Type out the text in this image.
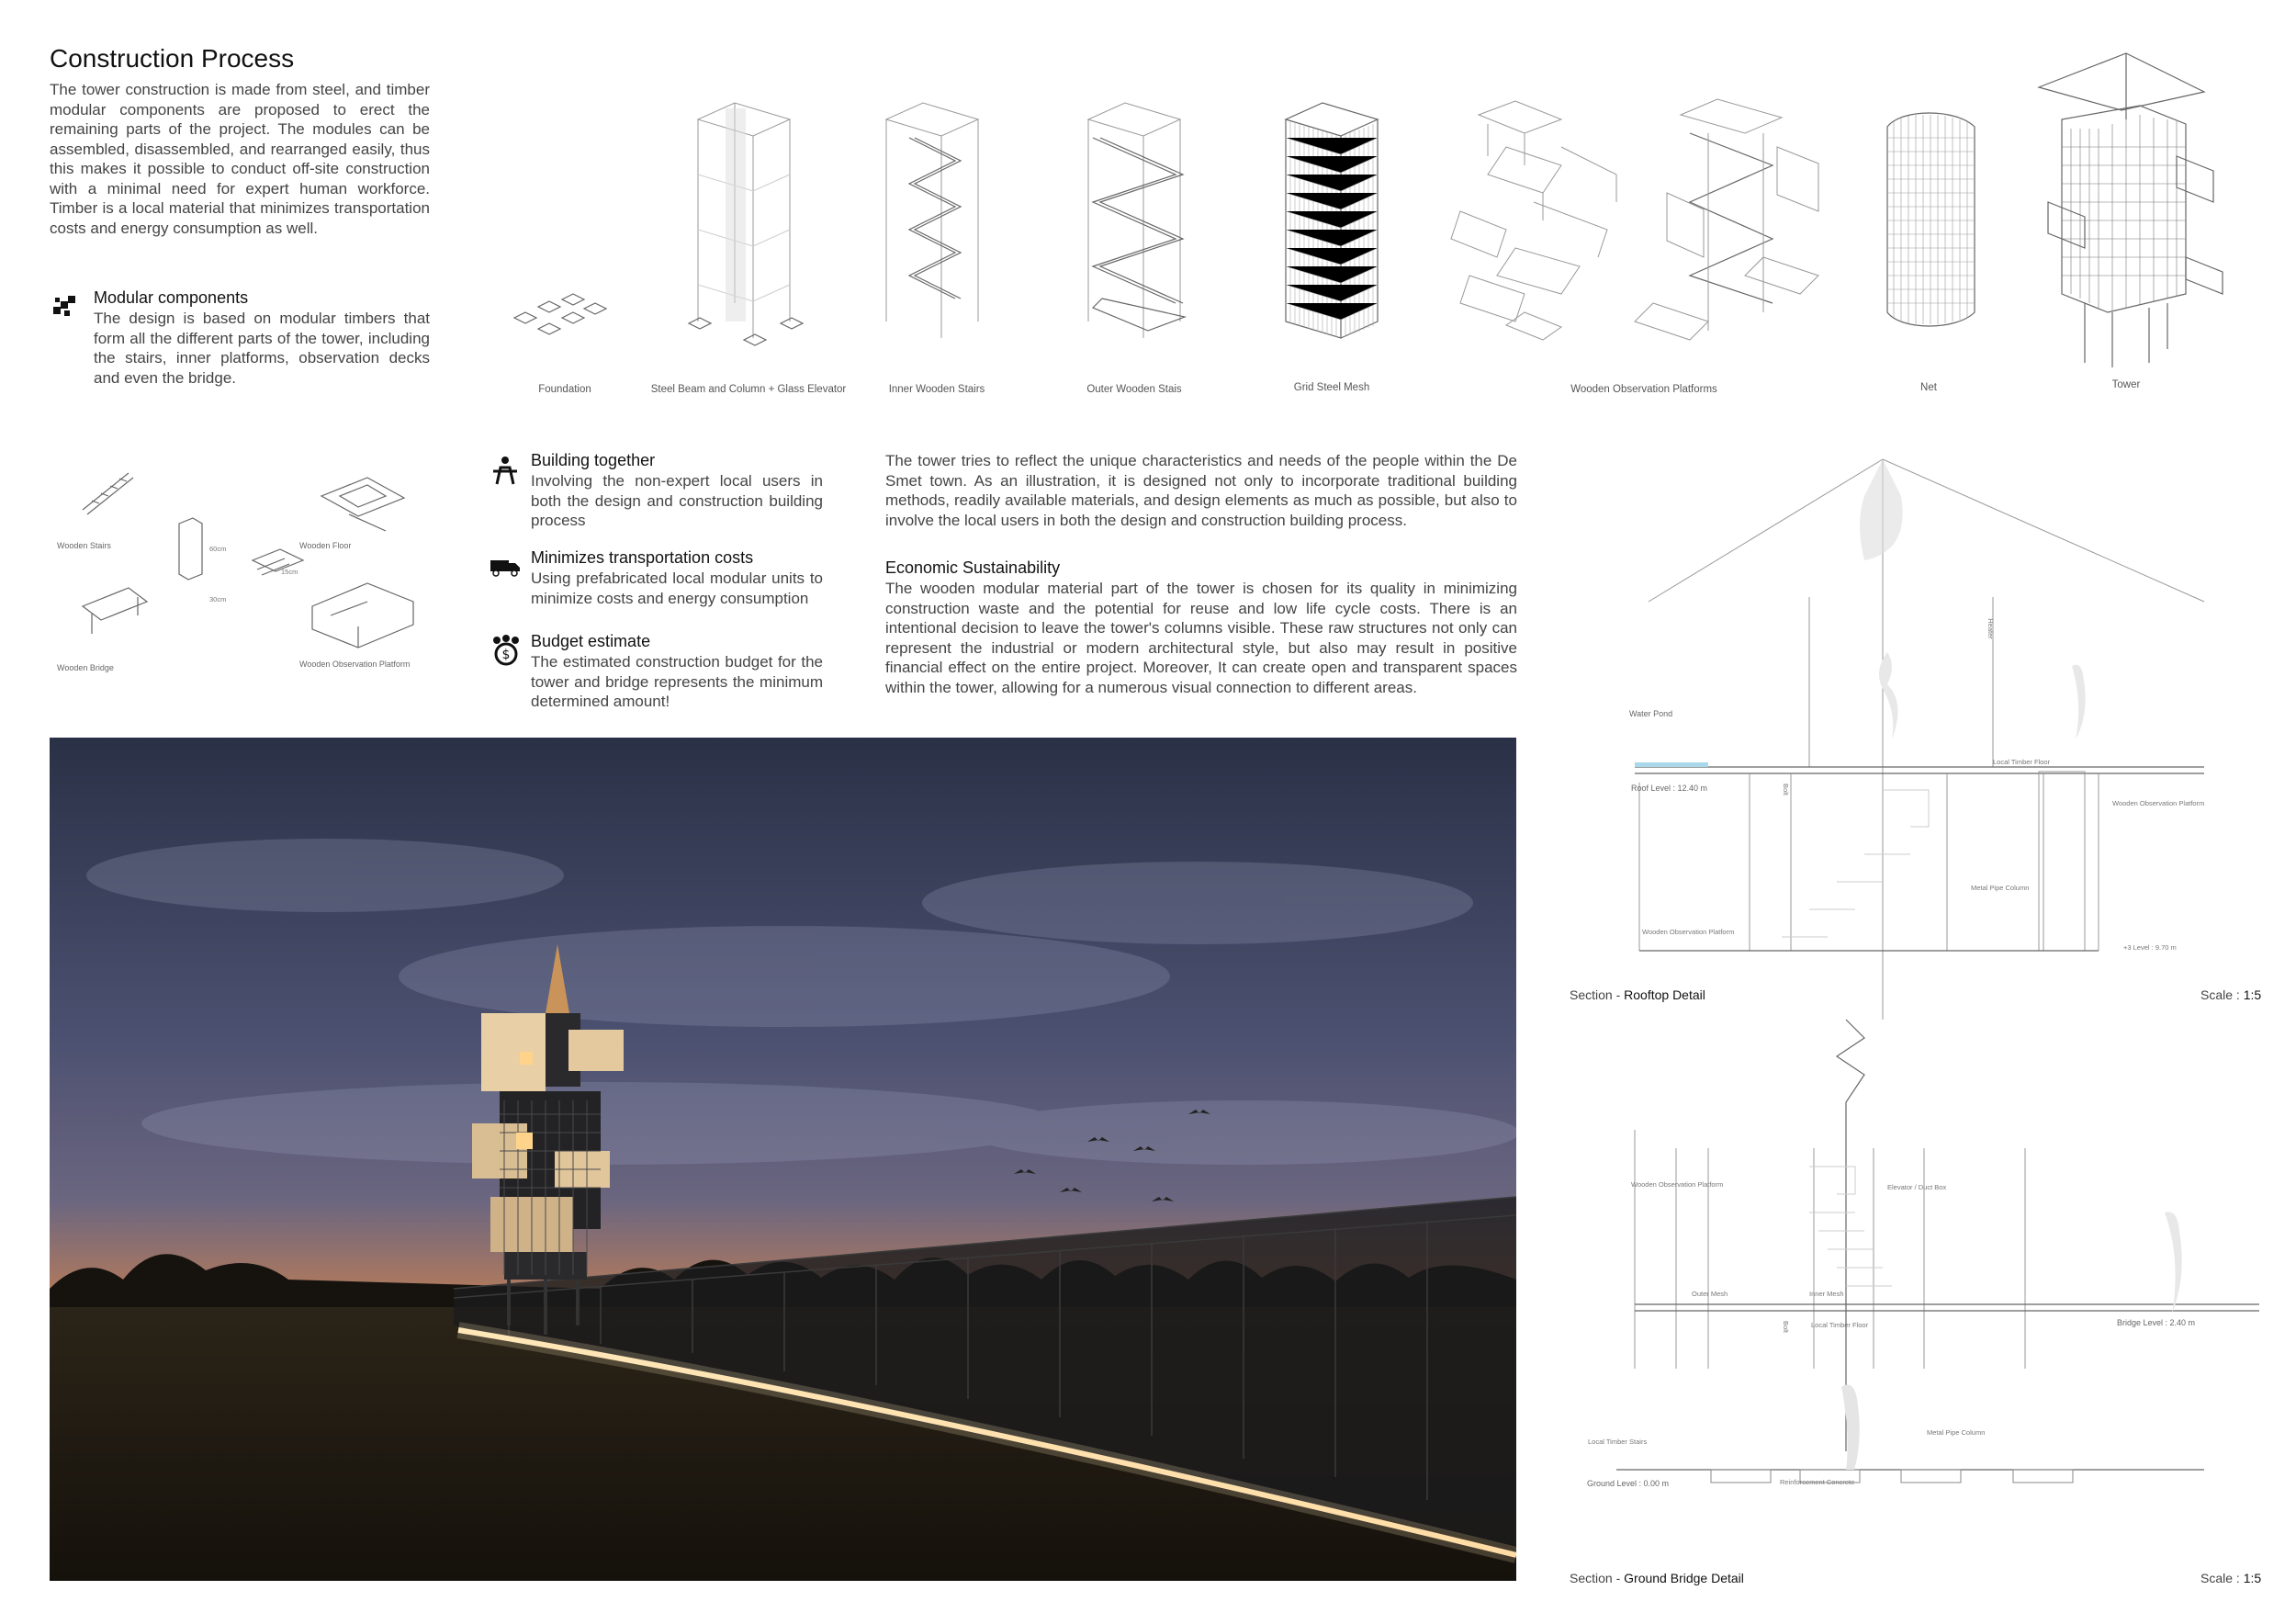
Construction Process
The tower construction is made from steel, and timber modular components are proposed to erect the remaining parts of the project. The modules can be assembled, disassembled, and rearranged easily, thus this makes it possible to conduct off-site construction with a minimal need for expert human workforce. Timber is a local material that minimizes transportation costs and energy consumption as well.
Modular components
The design is based on modular timbers that form all the different parts of the tower, including the stairs, inner platforms, observation decks and even the bridge.
Foundation	Steel Beam and Column + Glass Elevator	Inner Wooden Stairs	Outer Wooden Stais	Grid Steel Mesh	Wooden Observation Platforms	Net	Tower
Wooden Stairs	Wooden Floor
60cm
15cm
30cm
Wooden Bridge	Wooden Observation Platform
Building together
Involving the non-expert local users in both the design and construction building process
Minimizes transportation costs
Using prefabricated local modular units to minimize costs and energy consumption
$
Budget estimate
The estimated construction budget for the tower and bridge represents the minimum determined amount!
The tower tries to reflect the unique characteristics and needs of the people within the De Smet town. As an illustration, it is designed not only to incorporate traditional building methods, readily available materials, and design elements as much as possible, but also to involve the local users in both the design and construction building process.
Economic Sustainability
The wooden modular material part of the tower is chosen for its quality in minimizing construction waste and the potential for reuse and low life cycle costs. There is an intentional decision to leave the tower's columns visible. These raw structures not only can represent the industrial or modern architectural style, but also may result in positive financial effect on the entire project. Moreover, It can create open and transparent spaces within the tower, allowing for a numerous visual connection to different areas.
Water Pond
Roof Level : 12.40 m
Local Timber Floor
Wooden Observation Platform
Metal Pipe Column
Wooden Observation Platform
+3 Level : 9.70 m
Bolt
Heater
Section - Rooftop Detail	Scale : 1:5
Wooden Observation Platform	Elevator / Duct Box
Outer Mesh	Inner Mesh
Local Timber Floor	Bridge Level : 2.40 m
Local Timber Stairs
Metal Pipe Column
Ground Level : 0.00 m	Reinforcement Concrete
Bolt
Section - Ground Bridge Detail	Scale : 1:5
